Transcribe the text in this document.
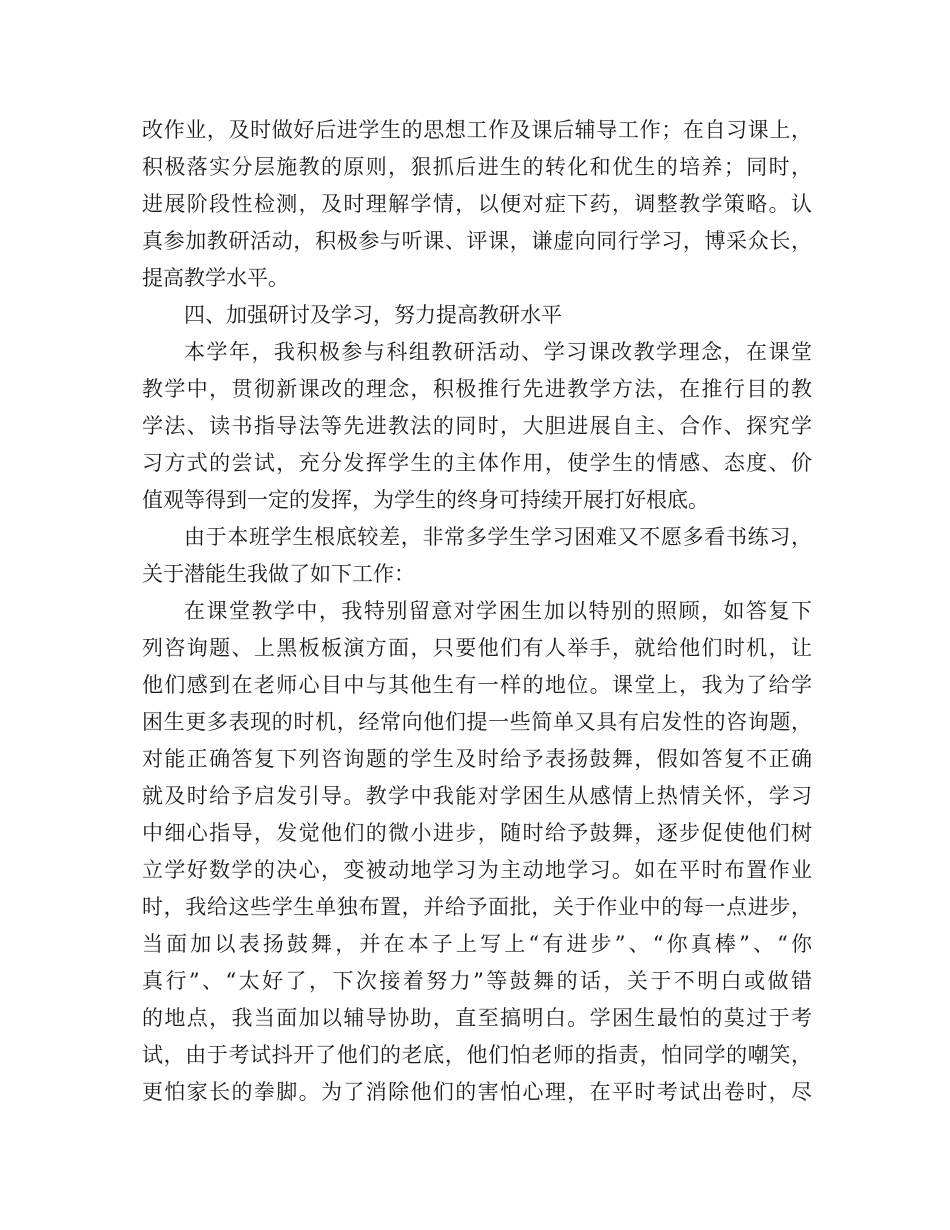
改作业，及时做好后进学生的思想工作及课后辅导工作；在自习课上，
积极落实分层施教的原则，狠抓后进生的转化和优生的培养；同时，
进展阶段性检测，及时理解学情，以便对症下药，调整教学策略。认
真参加教研活动，积极参与听课、评课，谦虚向同行学习，博采众长，
提高教学水平。

四、加强研讨及学习，努力提高教研水平

本学年，我积极参与科组教研活动、学习课改教学理念，在课堂
教学中，贯彻新课改的理念，积极推行先进教学方法，在推行目的教
学法、读书指导法等先进教法的同时，大胆进展自主、合作、探究学
习方式的尝试，充分发挥学生的主体作用，使学生的情感、态度、价
值观等得到一定的发挥，为学生的终身可持续开展打好根底。

由于本班学生根底较差，非常多学生学习困难又不愿多看书练习，
关于潜能生我做了如下工作：

在课堂教学中，我特别留意对学困生加以特别的照顾，如答复下
列咨询题、上黑板板演方面，只要他们有人举手，就给他们时机，让
他们感到在老师心目中与其他生有一样的地位。课堂上，我为了给学
困生更多表现的时机，经常向他们提一些简单又具有启发性的咨询题，
对能正确答复下列咨询题的学生及时给予表扬鼓舞，假如答复不正确
就及时给予启发引导。教学中我能对学困生从感情上热情关怀，学习
中细心指导，发觉他们的微小进步，随时给予鼓舞，逐步促使他们树
立学好数学的决心，变被动地学习为主动地学习。如在平时布置作业
时，我给这些学生单独布置，并给予面批，关于作业中的每一点进步，
当面加以表扬鼓舞，并在本子上写上“有进步”、“你真棒”、“你
真行”、“太好了，下次接着努力”等鼓舞的话，关于不明白或做错
的地点，我当面加以辅导协助，直至搞明白。学困生最怕的莫过于考
试，由于考试抖开了他们的老底，他们怕老师的指责，怕同学的嘲笑，
更怕家长的拳脚。为了消除他们的害怕心理，在平时考试出卷时，尽
